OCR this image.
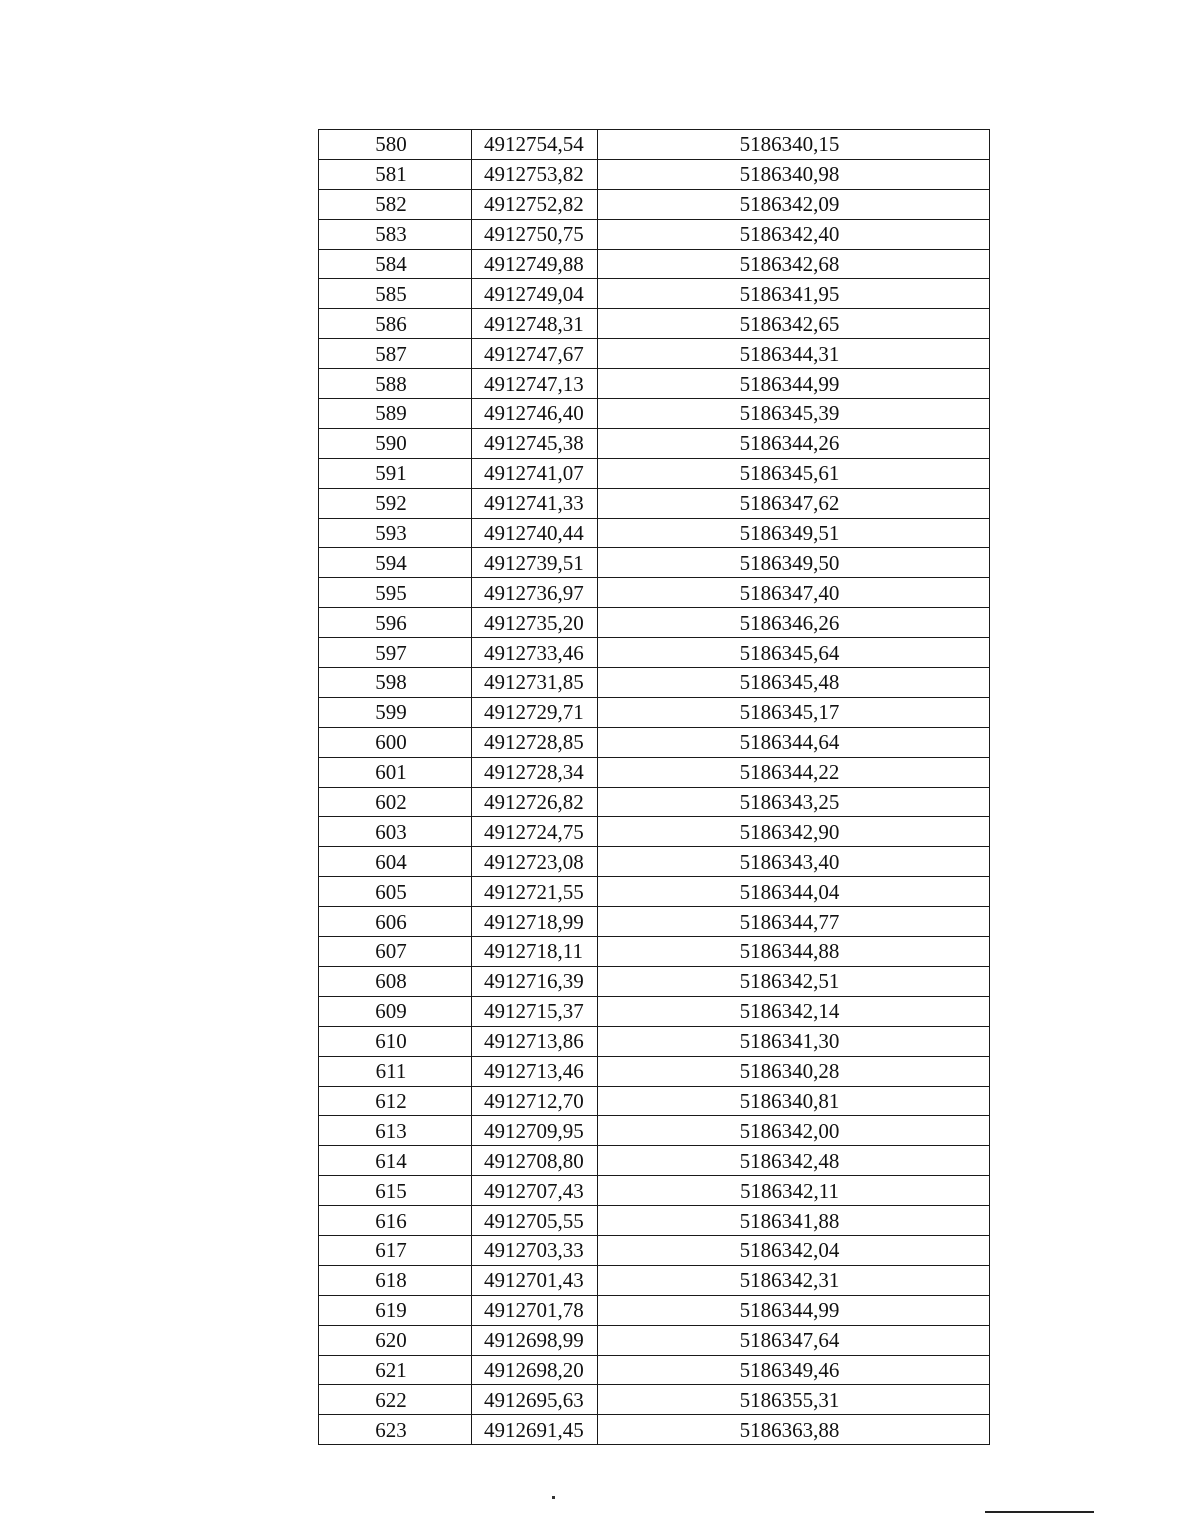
580	4912754,54	5186340,15
581	4912753,82	5186340,98
582	4912752,82	5186342,09
583	4912750,75	5186342,40
584	4912749,88	5186342,68
585	4912749,04	5186341,95
586	4912748,31	5186342,65
587	4912747,67	5186344,31
588	4912747,13	5186344,99
589	4912746,40	5186345,39
590	4912745,38	5186344,26
591	4912741,07	5186345,61
592	4912741,33	5186347,62
593	4912740,44	5186349,51
594	4912739,51	5186349,50
595	4912736,97	5186347,40
596	4912735,20	5186346,26
597	4912733,46	5186345,64
598	4912731,85	5186345,48
599	4912729,71	5186345,17
600	4912728,85	5186344,64
601	4912728,34	5186344,22
602	4912726,82	5186343,25
603	4912724,75	5186342,90
604	4912723,08	5186343,40
605	4912721,55	5186344,04
606	4912718,99	5186344,77
607	4912718,11	5186344,88
608	4912716,39	5186342,51
609	4912715,37	5186342,14
610	4912713,86	5186341,30
611	4912713,46	5186340,28
612	4912712,70	5186340,81
613	4912709,95	5186342,00
614	4912708,80	5186342,48
615	4912707,43	5186342,11
616	4912705,55	5186341,88
617	4912703,33	5186342,04
618	4912701,43	5186342,31
619	4912701,78	5186344,99
620	4912698,99	5186347,64
621	4912698,20	5186349,46
622	4912695,63	5186355,31
623	4912691,45	5186363,88
